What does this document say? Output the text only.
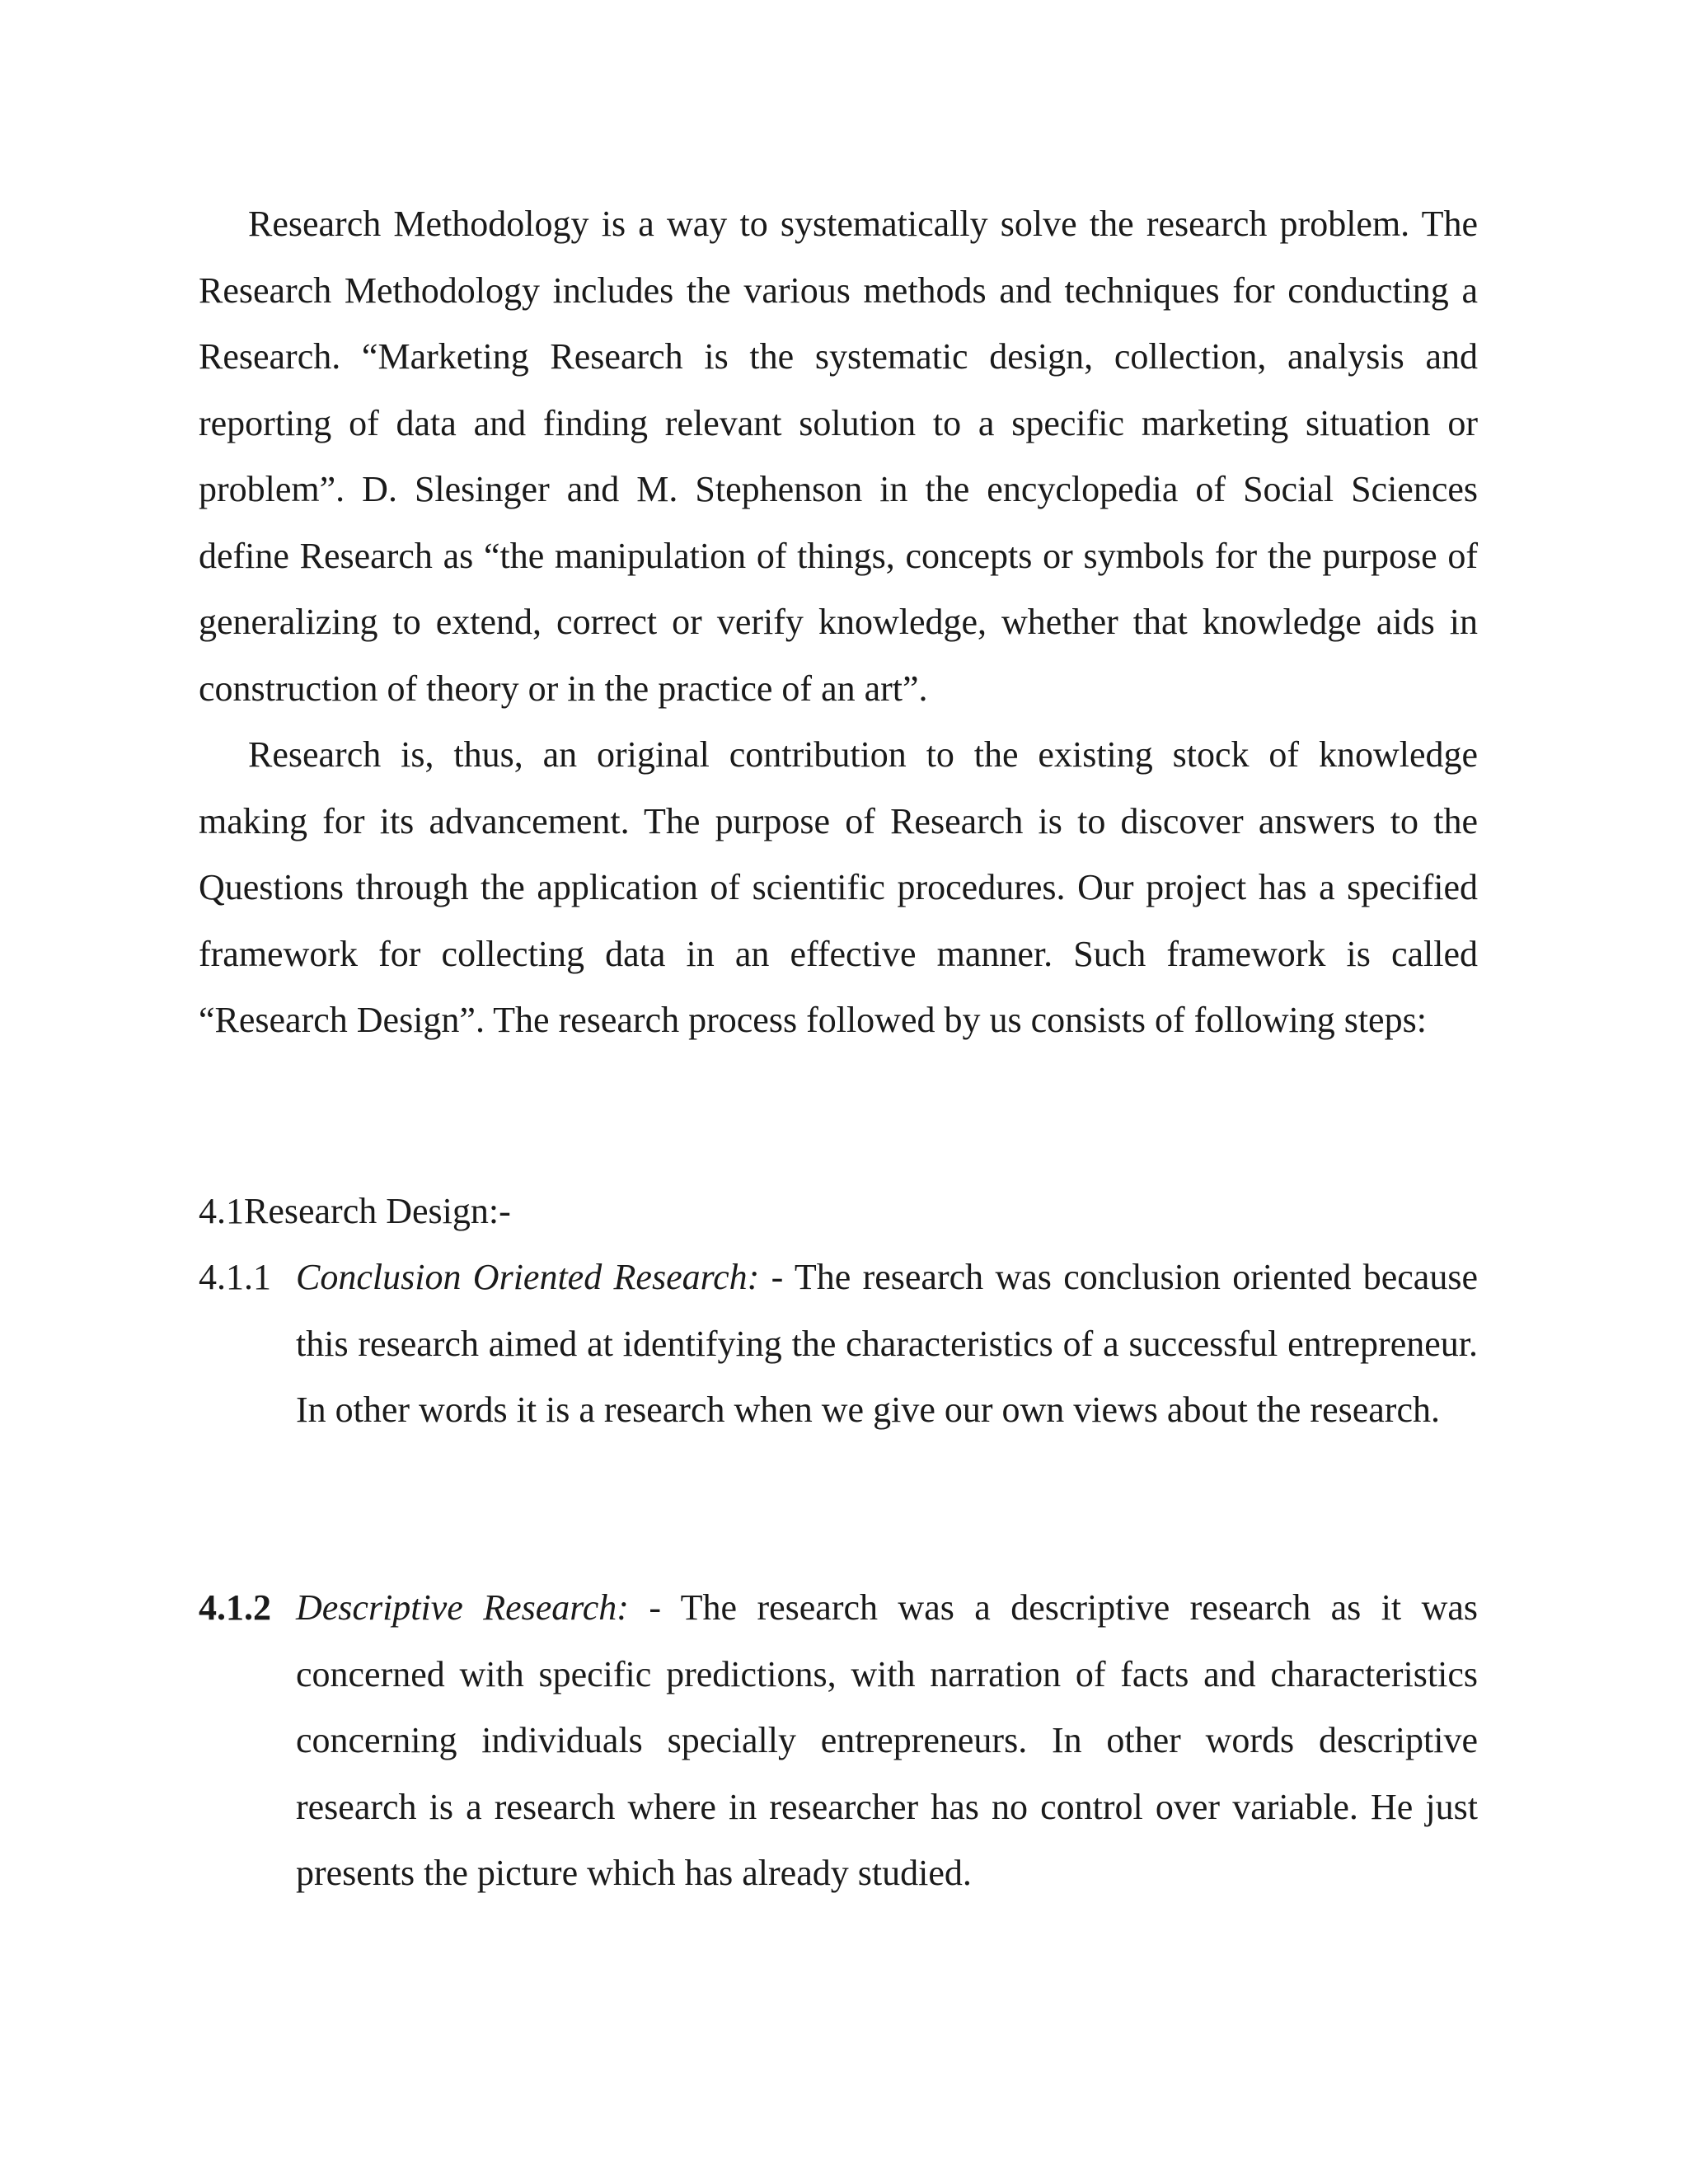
Research Methodology is a way to systematically solve the research problem. The Research Methodology includes the various methods and techniques for conducting a Research. “Marketing Research is the systematic design, collection, analysis and reporting of data and finding relevant solution to a specific marketing situation or problem”. D. Slesinger and M. Stephenson in the encyclopedia of Social Sciences define Research as “the manipulation of things, concepts or symbols for the purpose of generalizing to extend, correct or verify knowledge, whether that knowledge aids in construction of theory or in the practice of an art”.

Research is, thus, an original contribution to the existing stock of knowledge making for its advancement. The purpose of Research is to discover answers to the Questions through the application of scientific procedures. Our project has a specified framework for collecting data in an effective manner. Such framework is called “Research Design”. The research process followed by us consists of following steps:

4.1Research Design:-

4.1.1 Conclusion Oriented Research: - The research was conclusion oriented because this research aimed at identifying the characteristics of a successful entrepreneur. In other words it is a research when we give our own views about the research.
4.1.2 Descriptive Research: - The research was a descriptive research as it was concerned with specific predictions, with narration of facts and characteristics concerning individuals specially entrepreneurs. In other words descriptive research is a research where in researcher has no control over variable. He just presents the picture which has already studied.
